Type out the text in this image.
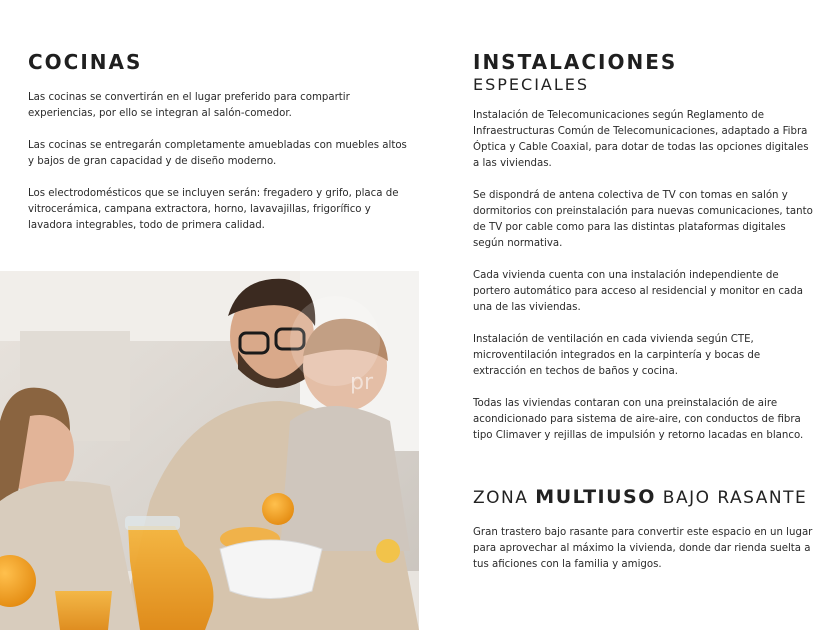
COCINAS

Las cocinas se convertirán en el lugar preferido para compartir experiencias, por ello se integran al salón-comedor.

Las cocinas se entregarán completamente amuebladas con muebles altos y bajos de gran capacidad y de diseño moderno.

Los electrodomésticos que se incluyen serán: fregadero y grifo, placa de vitrocerámica, campana extractora, horno, lavavajillas, frigorífico y lavadora integrables, todo de primera calidad.

pr
INSTALACIONES
ESPECIALES

Instalación de Telecomunicaciones según Reglamento de Infraestructuras Común de Telecomunicaciones, adaptado a Fibra Óptica y Cable Coaxial, para dotar de todas las opciones digitales a las viviendas.

Se dispondrá de antena colectiva de TV con tomas en salón y dormitorios con preinstalación para nuevas comunicaciones, tanto de TV por cable como para las distintas plataformas digitales según normativa.

Cada vivienda cuenta con una instalación independiente de portero automático para acceso al residencial y monitor en cada una de las viviendas.

Instalación de ventilación en cada vivienda según CTE, microventilación integrados en la carpintería y bocas de extracción en techos de baños y cocina.

Todas las viviendas contaran con una preinstalación de aire acondicionado para sistema de aire-aire, con conductos de fibra tipo Climaver y rejillas de impulsión y retorno lacadas en blanco.

ZONA MULTIUSO BAJO RASANTE

Gran trastero bajo rasante para convertir este espacio en un lugar para aprovechar al máximo la vivienda, donde dar rienda suelta a tus aficiones con la familia y amigos.
